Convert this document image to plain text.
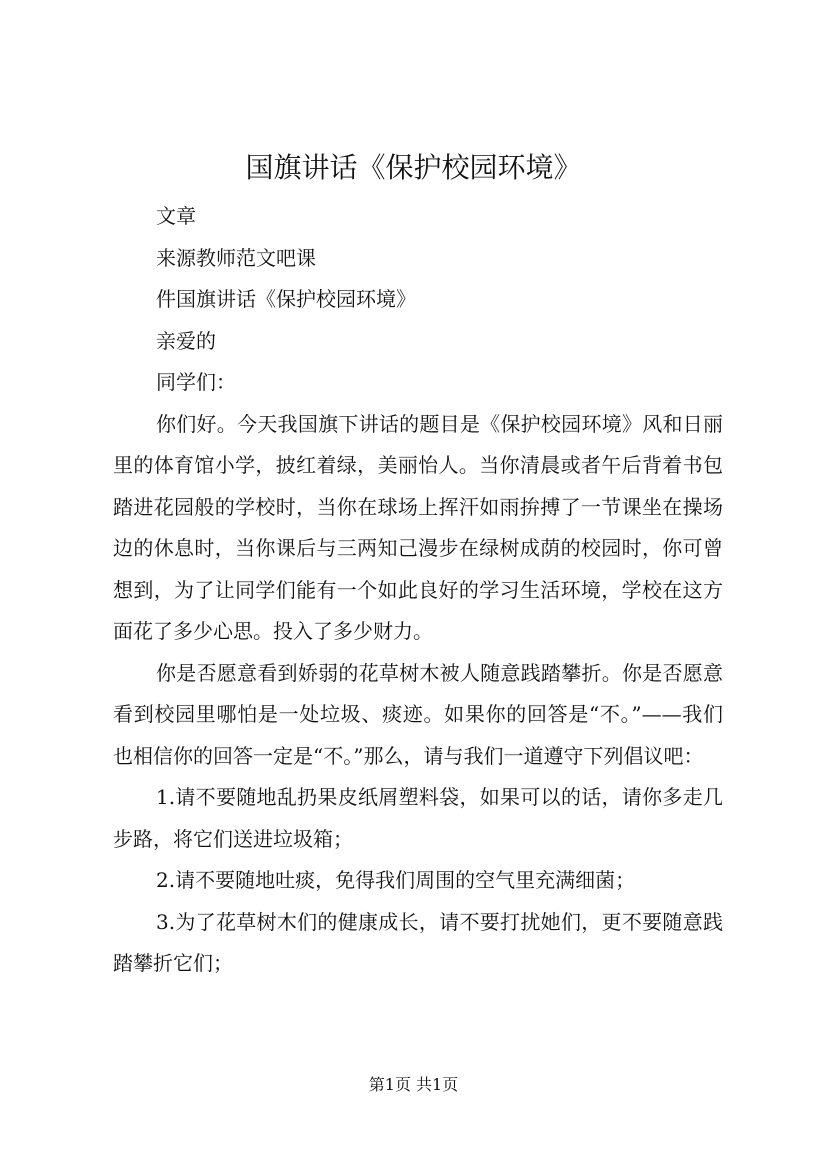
国旗讲话《保护校园环境》

文章

来源教师范文吧课

件国旗讲话《保护校园环境》

亲爱的

同学们：

你们好。今天我国旗下讲话的题目是《保护校园环境》风和日丽里的体育馆小学，披红着绿，美丽怡人。当你清晨或者午后背着书包踏进花园般的学校时，当你在球场上挥汗如雨拚搏了一节课坐在操场边的休息时，当你课后与三两知己漫步在绿树成荫的校园时，你可曾想到，为了让同学们能有一个如此良好的学习生活环境，学校在这方面花了多少心思。投入了多少财力。

你是否愿意看到娇弱的花草树木被人随意践踏攀折。你是否愿意看到校园里哪怕是一处垃圾、痰迹。如果你的回答是“不。”——我们也相信你的回答一定是“不。”那么，请与我们一道遵守下列倡议吧：

1.请不要随地乱扔果皮纸屑塑料袋，如果可以的话，请你多走几步路，将它们送进垃圾箱；

2.请不要随地吐痰，免得我们周围的空气里充满细菌；

3.为了花草树木们的健康成长，请不要打扰她们，更不要随意践踏攀折它们；

第1页 共1页
